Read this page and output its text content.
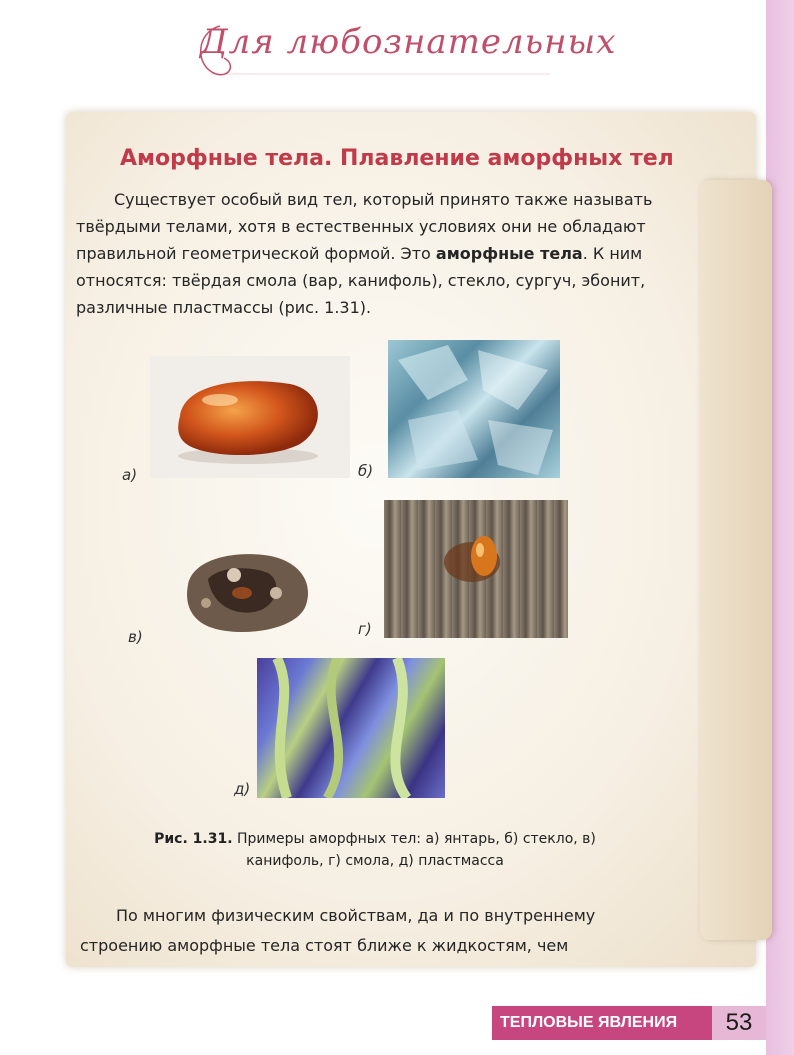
Для любознательных
Аморфные тела. Плавление аморфных тел
Существует особый вид тел, который принято также называть твёрдыми телами, хотя в естественных условиях они не обладают правильной геометрической формой. Это аморфные тела. К ним относятся: твёрдая смола (вар, канифоль), стекло, сургуч, эбонит, различные пластмассы (рис. 1.31).
а)	б)
в)	г)
д)
Рис. 1.31. Примеры аморфных тел: а) янтарь, б) стекло, в) канифоль, г) смола, д) пластмасса
По многим физическим свойствам, да и по внутреннему строению аморфные тела стоят ближе к жидкостям, чем
ТЕПЛОВЫЕ ЯВЛЕНИЯ	53
